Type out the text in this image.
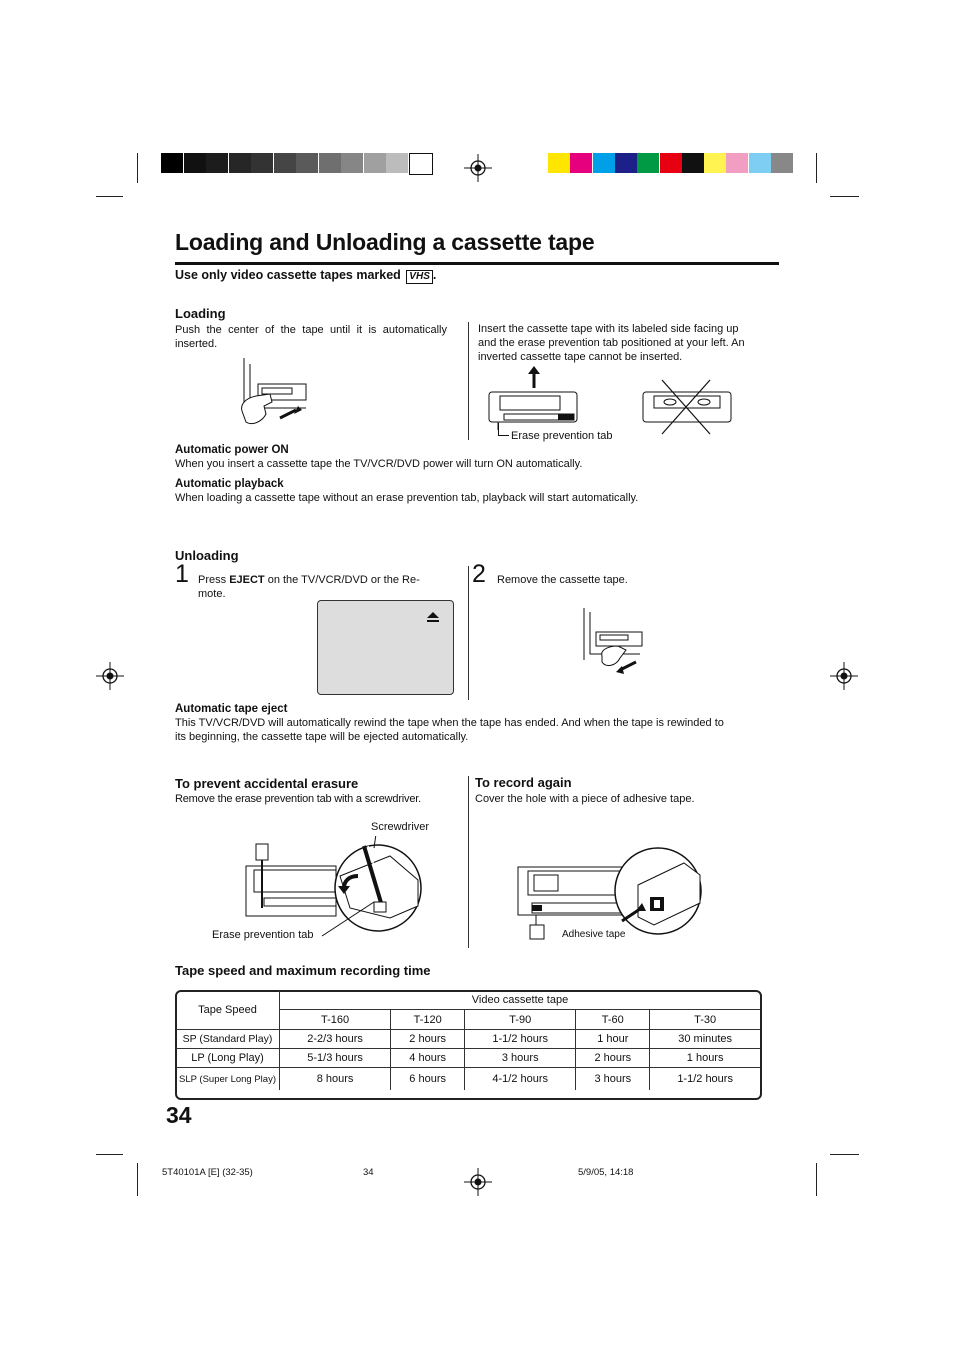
Loading and Unloading a cassette tape
Use only video cassette tapes marked VHS .
Loading
Push the center of the tape until it is automatically inserted.
Insert the cassette tape with its labeled side facing up and the erase prevention tab positioned at your left. An inverted cassette tape cannot be inserted.
Erase prevention tab
Automatic power ON
When you insert a cassette tape the TV/VCR/DVD power will turn ON automatically.
Automatic playback
When loading a cassette tape without an erase prevention tab, playback will start automatically.
Unloading
1 Press EJECT on the TV/VCR/DVD or the Re-mote.
2 Remove the cassette tape.
Automatic tape eject
This TV/VCR/DVD will automatically rewind the tape when the tape has ended. And when the tape is rewinded to its beginning, the cassette tape will be ejected automatically.
To prevent accidental erasure
Remove the erase prevention tab with a screwdriver.
Screwdriver
Erase prevention tab
To record again
Cover the hole with a piece of adhesive tape.
Adhesive tape
Tape speed and maximum recording time
Tape Speed	Video cassette tape				
	T-160	T-120	T-90	T-60	T-30
SP (Standard Play)	2-2/3 hours	2 hours	1-1/2 hours	1 hour	30 minutes
LP (Long Play)	5-1/3 hours	4 hours	3 hours	2 hours	1 hours
SLP (Super Long Play)	8 hours	6 hours	4-1/2 hours	3 hours	1-1/2 hours
34
5T40101A [E] (32-35)	34	5/9/05, 14:18
